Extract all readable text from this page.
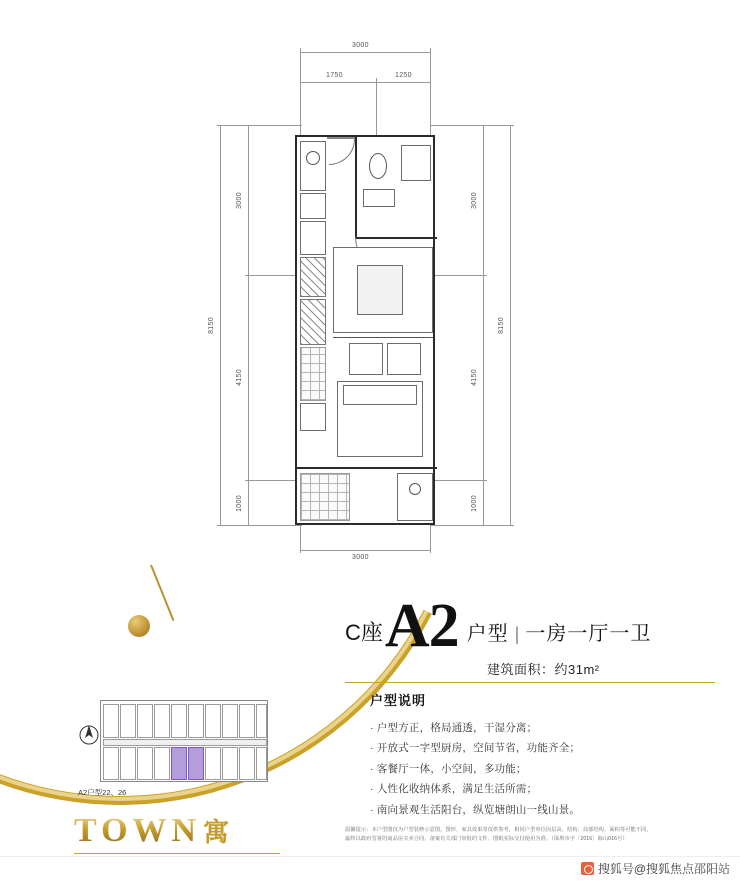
3000
1750	1250
8150
3000
4150
1000
8150
3000
4150
1000
3000
C座 A2 户型 | 一房一厅一卫
建筑面积：约31m²
户型说明
· 户型方正，格局通透，干湿分离；
· 开放式一字型厨房，空间节省，功能齐全；
· 客餐厅一体，小空间，多功能；
· 人性化收纳体系，满足生活所需；
· 南向景观生活阳台，纵览塘朗山一线山景。
A2户型22、26
TOWN寓	温馨提示：本户型图仅为户型装修示意图，图形、家具效果等仅供参考，相同户型单位因层高、结构、局部结构、面积等可能不同，
最终以政府签署的商品房买卖合同、备案有关部门审批的文件、图纸实际交付使用为准。（深圳市字〔2016〕海山016号）
搜狐号@搜狐焦点邵阳站
